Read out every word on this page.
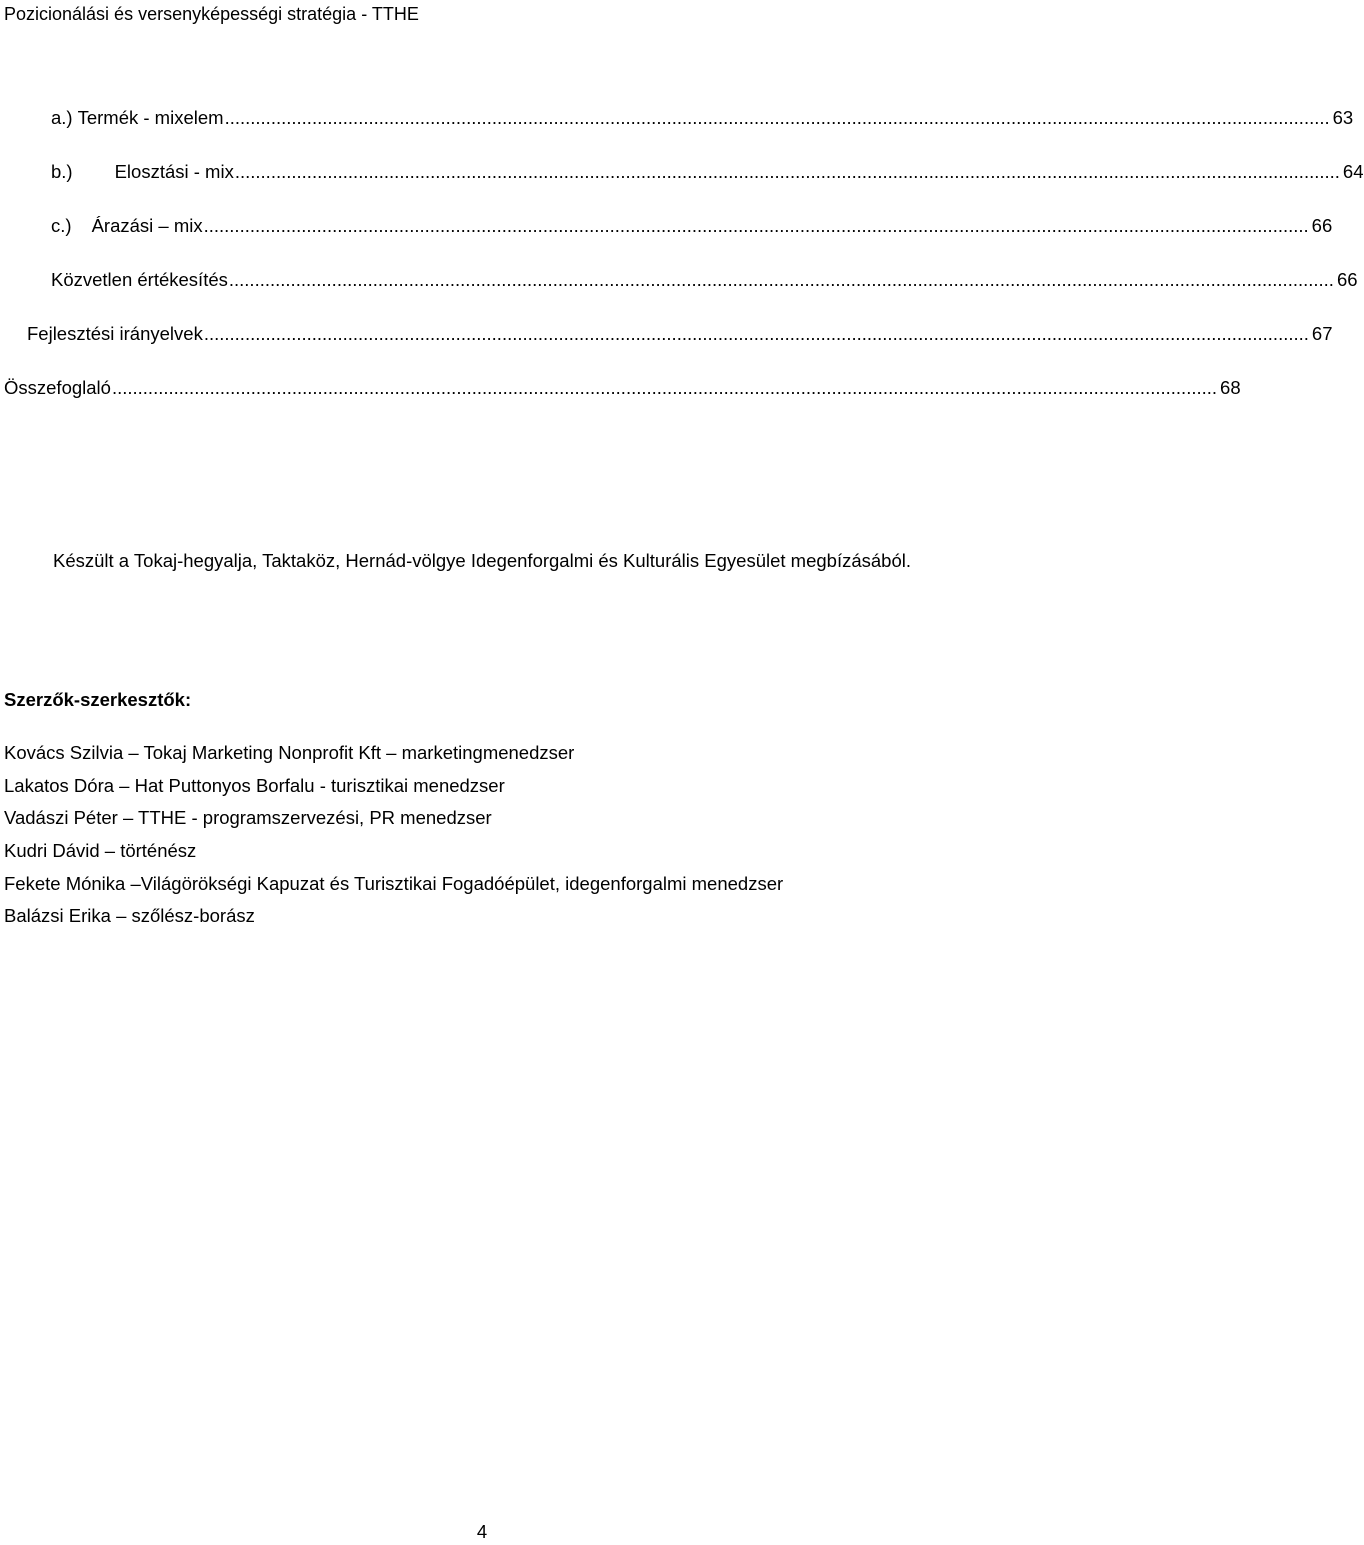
Pozicionálási és versenyképességi stratégia - TTHE
a.) Termék - mixelem ....................................................................................................................................................................................................................... 63
b.) Elosztási - mix ....................................................................................................................................................................................................................... 64
c.) Árazási – mix ....................................................................................................................................................................................................................... 66
Közvetlen értékesítés ....................................................................................................................................................................................................................... 66
Fejlesztési irányelvek ....................................................................................................................................................................................................................... 67
Összefoglaló ....................................................................................................................................................................................................................... 68
Készült a Tokaj-hegyalja, Taktaköz, Hernád-völgye Idegenforgalmi és Kulturális Egyesület megbízásából.
Szerzők-szerkesztők:
Kovács Szilvia – Tokaj Marketing Nonprofit Kft – marketingmenedzser
Lakatos Dóra – Hat Puttonyos Borfalu - turisztikai menedzser
Vadászi Péter – TTHE - programszervezési, PR menedzser
Kudri Dávid – történész
Fekete Mónika –Világörökségi Kapuzat és Turisztikai Fogadóépület, idegenforgalmi menedzser
Balázsi Erika – szőlész-borász
4
